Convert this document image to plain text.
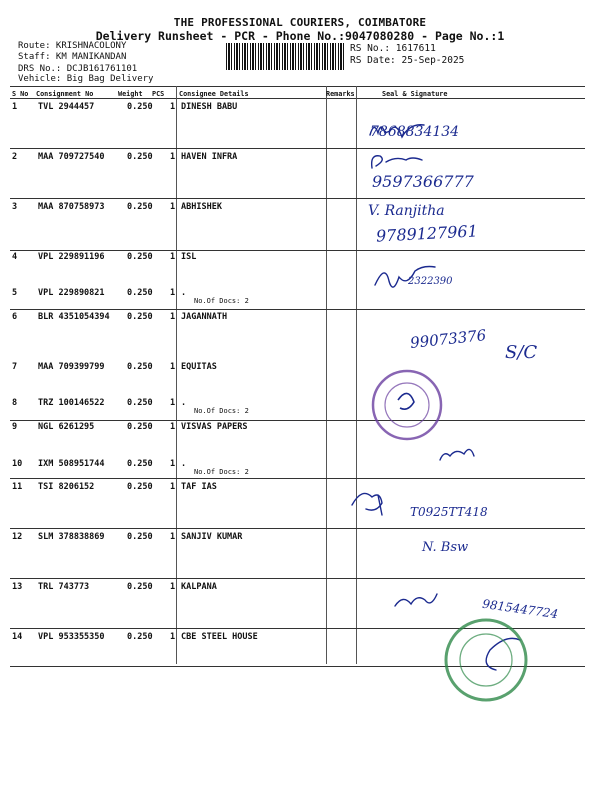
THE PROFESSIONAL COURIERS, COIMBATORE
Delivery Runsheet - PCR - Phone No.:9047080280 - Page No.:1
Route: KRISHNACOLONY
Staff: KM MANIKANDAN
DRS No.: DCJB161761101
Vehicle: Big Bag Delivery
RS No.: 1617611
RS Date: 25-Sep-2025
S No Consignment No	Weight PCS Consignee Details	Remarks	Seal & Signature
1 TVL 2944457	0.250 1 DINESH BABU
2 MAA 709727540	0.250 1 HAVEN INFRA
3 MAA 870758973	0.250 1 ABHISHEK
4 VPL 229891196	0.250 1 ISL
5 VPL 229890821	0.250 1 .
No.Of Docs: 2
6 BLR 4351054394 0.250 1 JAGANNATH
7 MAA 709399799	0.250 1 EQUITAS
8 TRZ 100146522	0.250 1 .
No.Of Docs: 2
9 NGL 6261295	0.250 1 VISVAS PAPERS
10 IXM 508951744	0.250 1 .
No.Of Docs: 2
11 TSI 8206152	0.250 1 TAF IAS
12 SLM 378838869	0.250 1 SANJIV KUMAR
13 TRL 743773	0.250 1 KALPANA
14 VPL 953355350	0.250 1 CBE STEEL HOUSE
7868834134
9597366777
V. Ranjitha
9789127961
2322390
99073376
S/C
T0925TT418
N. Bsw
9815447724
